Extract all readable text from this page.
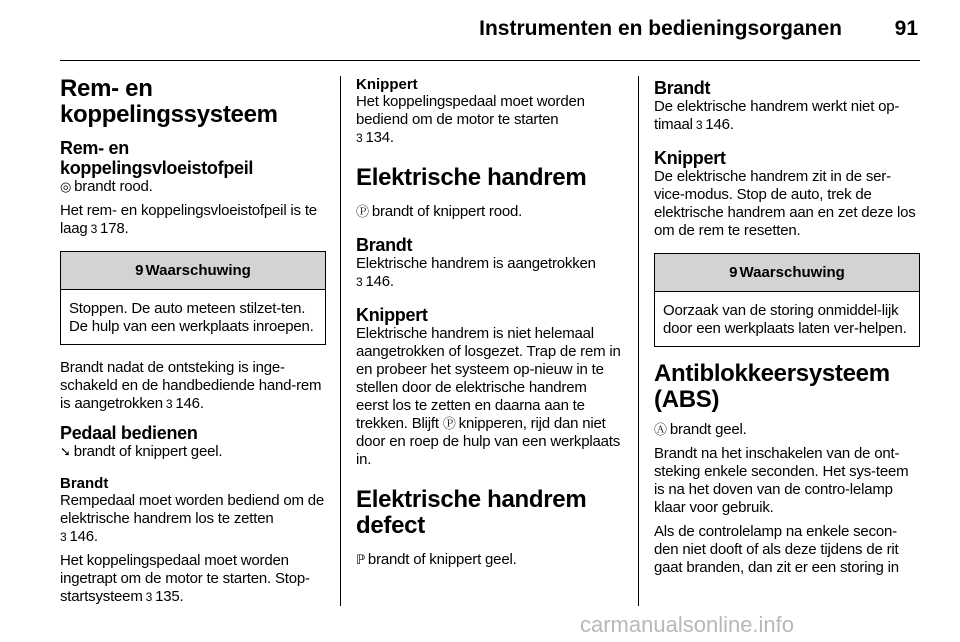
Instrumenten en bedieningsorganen	91
Rem- en
koppelingssysteem
Rem- en koppelingsvloeistofpeil
◎ brandt rood.
Het rem- en koppelingsvloeistofpeil is te laag 3 178.
9 Waarschuwing
Stoppen. De auto meteen stilzet-ten. De hulp van een werkplaats inroepen.
Brandt nadat de ontsteking is inge-schakeld en de handbediende hand-rem is aangetrokken 3 146.
Pedaal bedienen
➘ brandt of knippert geel.
Brandt
Rempedaal moet worden bediend om de elektrische handrem los te zetten
3 146.
Het koppelingspedaal moet worden ingetrapt om de motor te starten. Stop-startsysteem 3 135.
Knippert
Het koppelingspedaal moet worden bediend om de motor te starten
3 134.
Elektrische handrem
Ⓟ brandt of knippert rood.
Brandt
Elektrische handrem is aangetrokken
3 146.
Knippert
Elektrische handrem is niet helemaal aangetrokken of losgezet. Trap de rem in en probeer het systeem op-nieuw in te stellen door de elektrische handrem eerst los te zetten en daarna aan te trekken. Blijft Ⓟ knipperen, rijd dan niet door en roep de hulp van een werkplaats in.
Elektrische handrem
defect
ℙ brandt of knippert geel.
Brandt
De elektrische handrem werkt niet op-timaal 3 146.
Knippert
De elektrische handrem zit in de ser-vice-modus. Stop de auto, trek de elektrische handrem aan en zet deze los om de rem te resetten.
9 Waarschuwing
Oorzaak van de storing onmiddel-lijk door een werkplaats laten ver-helpen.
Antiblokkeersysteem
(ABS)
Ⓐ brandt geel.
Brandt na het inschakelen van de ont-steking enkele seconden. Het sys-teem is na het doven van de contro-lelamp klaar voor gebruik.
Als de controlelamp na enkele secon-den niet dooft of als deze tijdens de rit gaat branden, dan zit er een storing in
carmanualsonline.info
